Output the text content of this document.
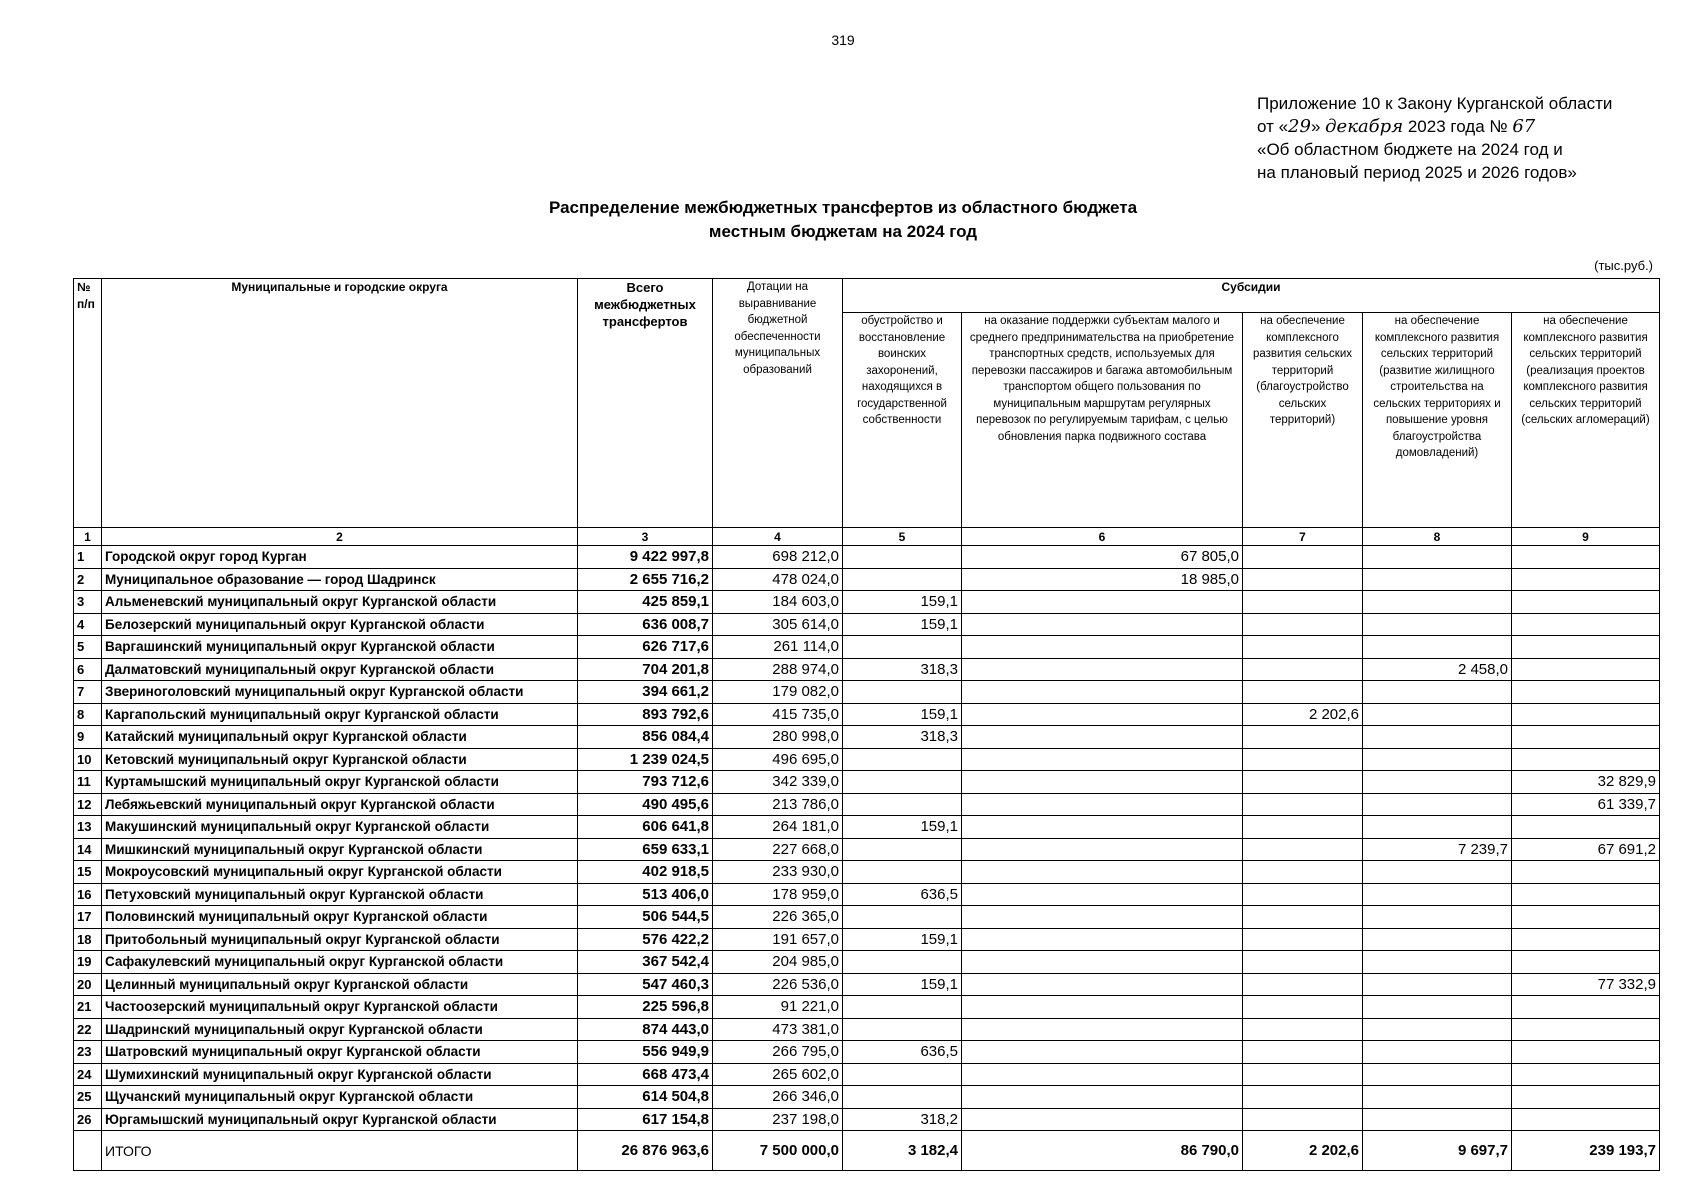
319
Приложение 10 к Закону Курганской области
от «29» декабря 2023 года № 67
«Об областном бюджете на 2024 год и
на плановый период 2025 и 2026 годов»
Распределение межбюджетных трансфертов из областного бюджета
местным бюджетам на 2024 год
(тыс.руб.)
№ п/п	Муниципальные и городские округа	Всего межбюджетных трансфертов	Дотации на выравнивание бюджетной обеспеченности муниципальных образований	Субсидии				
				обустройство и восстановление воинских захоронений, находящихся в государственной собственности	на оказание поддержки субъектам малого и среднего предпринимательства на приобретение транспортных средств, используемых для перевозки пассажиров и багажа автомобильным транспортом общего пользования по муниципальным маршрутам регулярных перевозок по регулируемым тарифам, с целью обновления парка подвижного состава	на обеспечение комплексного развития сельских территорий (благоустройство сельских территорий)	на обеспечение комплексного развития сельских территорий (развитие жилищного строительства на сельских территориях и повышение уровня благоустройства домовладений)	на обеспечение комплексного развития сельских территорий (реализация проектов комплексного развития сельских территорий (сельских агломераций)
1	2	3	4	5	6	7	8	9
1	Городской округ город Курган	9 422 997,8	698 212,0		67 805,0			
2	Муниципальное образование — город Шадринск	2 655 716,2	478 024,0		18 985,0			
3	Альменевский муниципальный округ Курганской области	425 859,1	184 603,0	159,1				
4	Белозерский муниципальный округ Курганской области	636 008,7	305 614,0	159,1				
5	Варгашинский муниципальный округ Курганской области	626 717,6	261 114,0					
6	Далматовский муниципальный округ Курганской области	704 201,8	288 974,0	318,3			2 458,0	
7	Звериноголовский муниципальный округ Курганской области	394 661,2	179 082,0					
8	Каргапольский муниципальный округ Курганской области	893 792,6	415 735,0	159,1		2 202,6		
9	Катайский муниципальный округ Курганской области	856 084,4	280 998,0	318,3				
10	Кетовский муниципальный округ Курганской области	1 239 024,5	496 695,0					
11	Куртамышский муниципальный округ Курганской области	793 712,6	342 339,0					32 829,9
12	Лебяжьевский муниципальный округ Курганской области	490 495,6	213 786,0					61 339,7
13	Макушинский муниципальный округ Курганской области	606 641,8	264 181,0	159,1				
14	Мишкинский муниципальный округ Курганской области	659 633,1	227 668,0				7 239,7	67 691,2
15	Мокроусовский муниципальный округ Курганской области	402 918,5	233 930,0					
16	Петуховский муниципальный округ Курганской области	513 406,0	178 959,0	636,5				
17	Половинский муниципальный округ Курганской области	506 544,5	226 365,0					
18	Притобольный муниципальный округ Курганской области	576 422,2	191 657,0	159,1				
19	Сафакулевский муниципальный округ Курганской области	367 542,4	204 985,0					
20	Целинный муниципальный округ Курганской области	547 460,3	226 536,0	159,1				77 332,9
21	Частоозерский муниципальный округ Курганской области	225 596,8	91 221,0					
22	Шадринский муниципальный округ Курганской области	874 443,0	473 381,0					
23	Шатровский муниципальный округ Курганской области	556 949,9	266 795,0	636,5				
24	Шумихинский муниципальный округ Курганской области	668 473,4	265 602,0					
25	Щучанский муниципальный округ Курганской области	614 504,8	266 346,0					
26	Юргамышский муниципальный округ Курганской области	617 154,8	237 198,0	318,2				
	ИТОГО	26 876 963,6	7 500 000,0	3 182,4	86 790,0	2 202,6	9 697,7	239 193,7
